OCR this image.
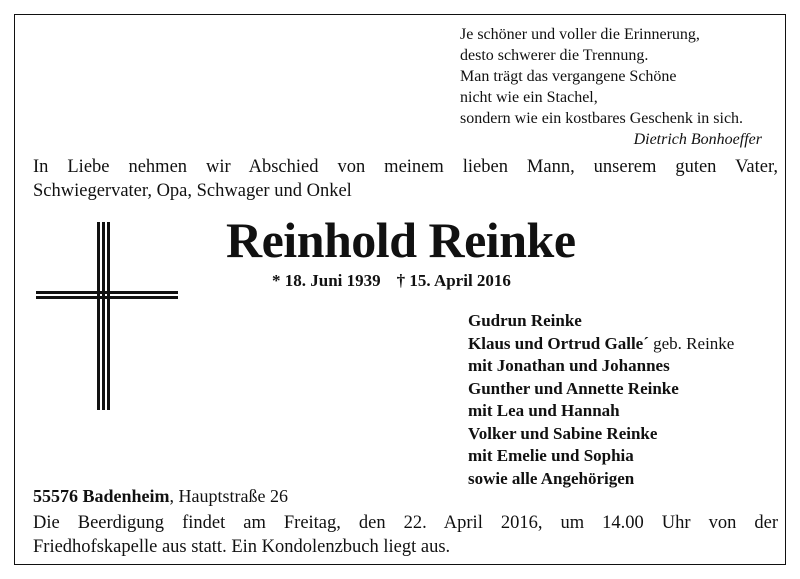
Je schöner und voller die Erinnerung,
desto schwerer die Trennung.
Man trägt das vergangene Schöne
nicht wie ein Stachel,
sondern wie ein kostbares Geschenk in sich.
Dietrich Bonhoeffer
In Liebe nehmen wir Abschied von meinem lieben Mann, unserem guten Vater,
Schwiegervater, Opa, Schwager und Onkel
Reinhold Reinke
* 18. Juni 1939 † 15. April 2016
Gudrun Reinke
Klaus und Ortrud Galle´ geb. Reinke
mit Jonathan und Johannes
Gunther und Annette Reinke
mit Lea und Hannah
Volker und Sabine Reinke
mit Emelie und Sophia
sowie alle Angehörigen
55576 Badenheim, Hauptstraße 26
Die Beerdigung findet am Freitag, den 22. April 2016, um 14.00 Uhr von der
Friedhofskapelle aus statt. Ein Kondolenzbuch liegt aus.
